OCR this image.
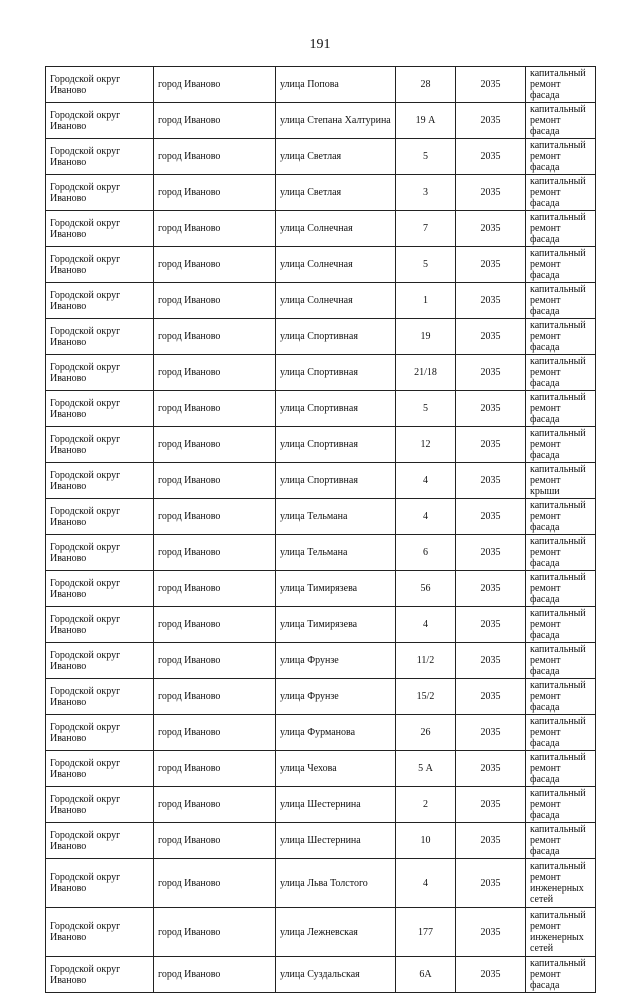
191
Городской округ Иваново	город Иваново	улица Попова	28	2035	капитальный ремонт фасада
Городской округ Иваново	город Иваново	улица Степана Халтурина	19 А	2035	капитальный ремонт фасада
Городской округ Иваново	город Иваново	улица Светлая	5	2035	капитальный ремонт фасада
Городской округ Иваново	город Иваново	улица Светлая	3	2035	капитальный ремонт фасада
Городской округ Иваново	город Иваново	улица Солнечная	7	2035	капитальный ремонт фасада
Городской округ Иваново	город Иваново	улица Солнечная	5	2035	капитальный ремонт фасада
Городской округ Иваново	город Иваново	улица Солнечная	1	2035	капитальный ремонт фасада
Городской округ Иваново	город Иваново	улица Спортивная	19	2035	капитальный ремонт фасада
Городской округ Иваново	город Иваново	улица Спортивная	21/18	2035	капитальный ремонт фасада
Городской округ Иваново	город Иваново	улица Спортивная	5	2035	капитальный ремонт фасада
Городской округ Иваново	город Иваново	улица Спортивная	12	2035	капитальный ремонт фасада
Городской округ Иваново	город Иваново	улица Спортивная	4	2035	капитальный ремонт крыши
Городской округ Иваново	город Иваново	улица Тельмана	4	2035	капитальный ремонт фасада
Городской округ Иваново	город Иваново	улица Тельмана	6	2035	капитальный ремонт фасада
Городской округ Иваново	город Иваново	улица Тимирязева	56	2035	капитальный ремонт фасада
Городской округ Иваново	город Иваново	улица Тимирязева	4	2035	капитальный ремонт фасада
Городской округ Иваново	город Иваново	улица Фрунзе	11/2	2035	капитальный ремонт фасада
Городской округ Иваново	город Иваново	улица Фрунзе	15/2	2035	капитальный ремонт фасада
Городской округ Иваново	город Иваново	улица Фурманова	26	2035	капитальный ремонт фасада
Городской округ Иваново	город Иваново	улица Чехова	5 А	2035	капитальный ремонт фасада
Городской округ Иваново	город Иваново	улица Шестернина	2	2035	капитальный ремонт фасада
Городской округ Иваново	город Иваново	улица Шестернина	10	2035	капитальный ремонт фасада
Городской округ Иваново	город Иваново	улица Льва Толстого	4	2035	капитальный ремонт инженерных сетей
Городской округ Иваново	город Иваново	улица Лежневская	177	2035	капитальный ремонт инженерных сетей
Городской округ Иваново	город Иваново	улица Суздальская	6А	2035	капитальный ремонт фасада
